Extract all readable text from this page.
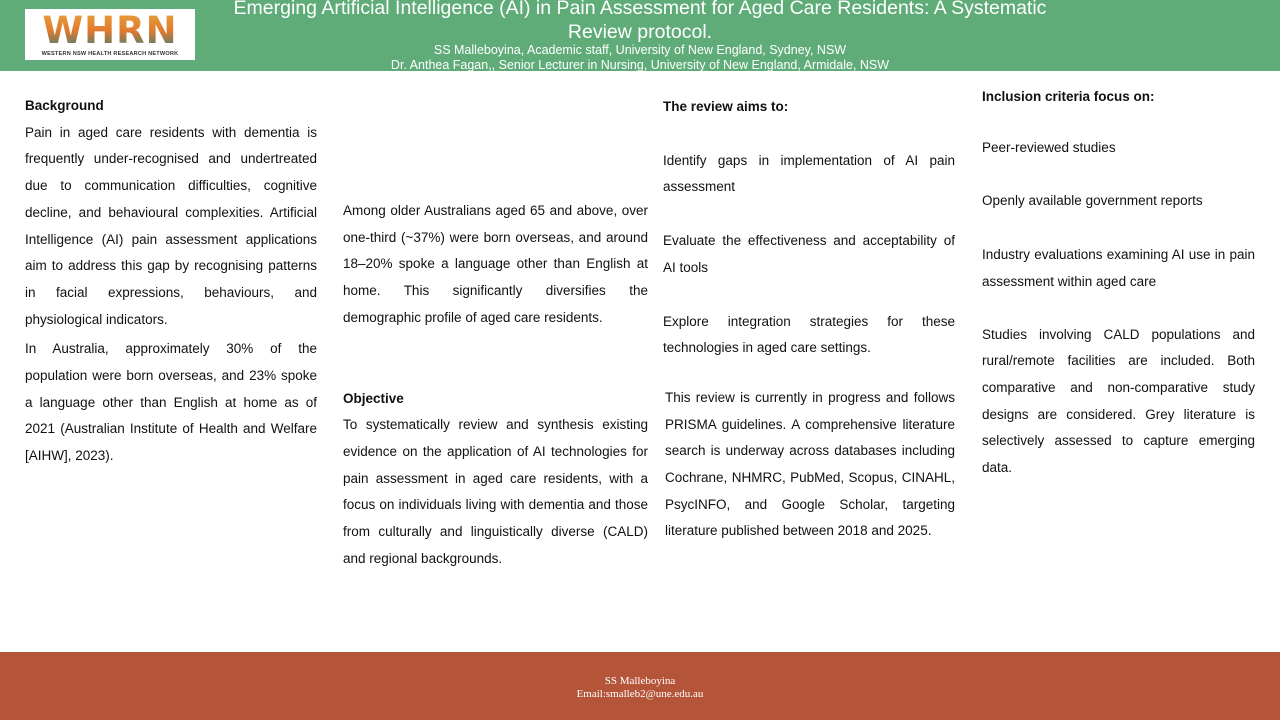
WHRN
WESTERN NSW HEALTH RESEARCH NETWORK
Emerging Artificial Intelligence (AI) in Pain Assessment for Aged Care Residents: A Systematic Review protocol.
SS Malleboyina, Academic staff, University of New England, Sydney, NSW
Dr. Anthea Fagan,, Senior Lecturer in Nursing, University of New England, Armidale, NSW

Background

Pain in aged care residents with dementia is frequently under-recognised and undertreated due to communication difficulties, cognitive decline, and behavioural complexities. Artificial Intelligence (AI) pain assessment applications aim to address this gap by recognising patterns in facial expressions, behaviours, and physiological indicators.

In Australia, approximately 30% of the population were born overseas, and 23% spoke a language other than English at home as of 2021 (Australian Institute of Health and Welfare [AIHW], 2023).

Among older Australians aged 65 and above, over one-third (~37%) were born overseas, and around 18–20% spoke a language other than English at home. This significantly diversifies the demographic profile of aged care residents.

Objective

To systematically review and synthesis existing evidence on the application of AI technologies for pain assessment in aged care residents, with a focus on individuals living with dementia and those from culturally and linguistically diverse (CALD) and regional backgrounds.

The review aims to:

Identify gaps in implementation of AI pain assessment

Evaluate the effectiveness and acceptability of AI tools

Explore integration strategies for these technologies in aged care settings.

This review is currently in progress and follows PRISMA guidelines. A comprehensive literature search is underway across databases including Cochrane, NHMRC, PubMed, Scopus, CINAHL, PsycINFO, and Google Scholar, targeting literature published between 2018 and 2025.

Inclusion criteria focus on:

Peer-reviewed studies

Openly available government reports

Industry evaluations examining AI use in pain assessment within aged care

Studies involving CALD populations and rural/remote facilities are included. Both comparative and non-comparative study designs are considered. Grey literature is selectively assessed to capture emerging data.

SS Malleboyina
Email:smalleb2@une.edu.au
